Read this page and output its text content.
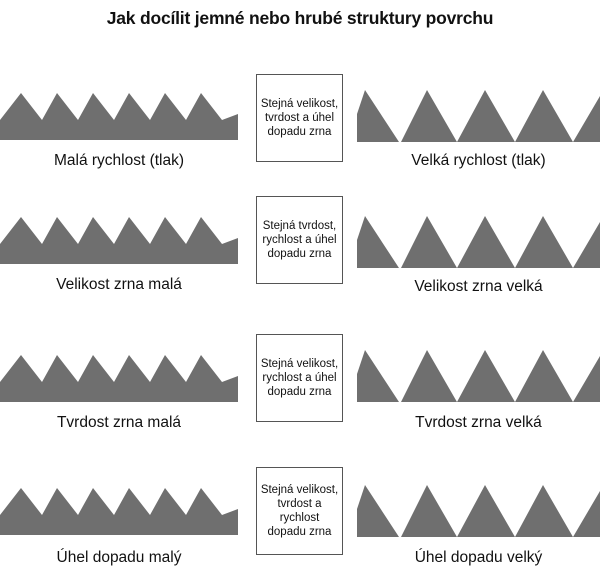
Jak docílit jemné nebo hrubé struktury povrchu
Stejná velikost,
tvrdost a úhel
dopadu zrna
Malá rychlost (tlak)	Velká rychlost (tlak)
Stejná tvrdost,
rychlost a úhel
dopadu zrna
Velikost zrna malá	Velikost zrna velká
Stejná velikost,
rychlost a úhel
dopadu zrna
Tvrdost zrna malá	Tvrdost zrna velká
Stejná velikost,
tvrdost a rychlost
dopadu zrna
Úhel dopadu malý	Úhel dopadu velký
